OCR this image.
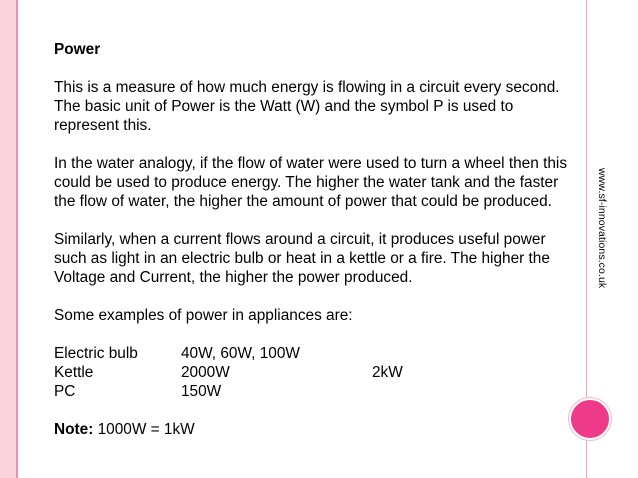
Power

This is a measure of how much energy is flowing in a circuit every second. The basic unit of Power is the Watt (W) and the symbol P is used to represent this.

In the water analogy, if the flow of water were used to turn a wheel then this could be used to produce energy. The higher the water tank and the faster the flow of water, the higher the amount of power that could be produced.

Similarly, when a current flows around a circuit, it produces useful power such as light in an electric bulb or heat in a kettle or a fire. The higher the Voltage and Current, the higher the power produced.

Some examples of power in appliances are:

Electric bulb	40W, 60W, 100W
Kettle	2000W	2kW
PC	150W

Note: 1000W = 1kW

www.sf-innovations.co.uk
